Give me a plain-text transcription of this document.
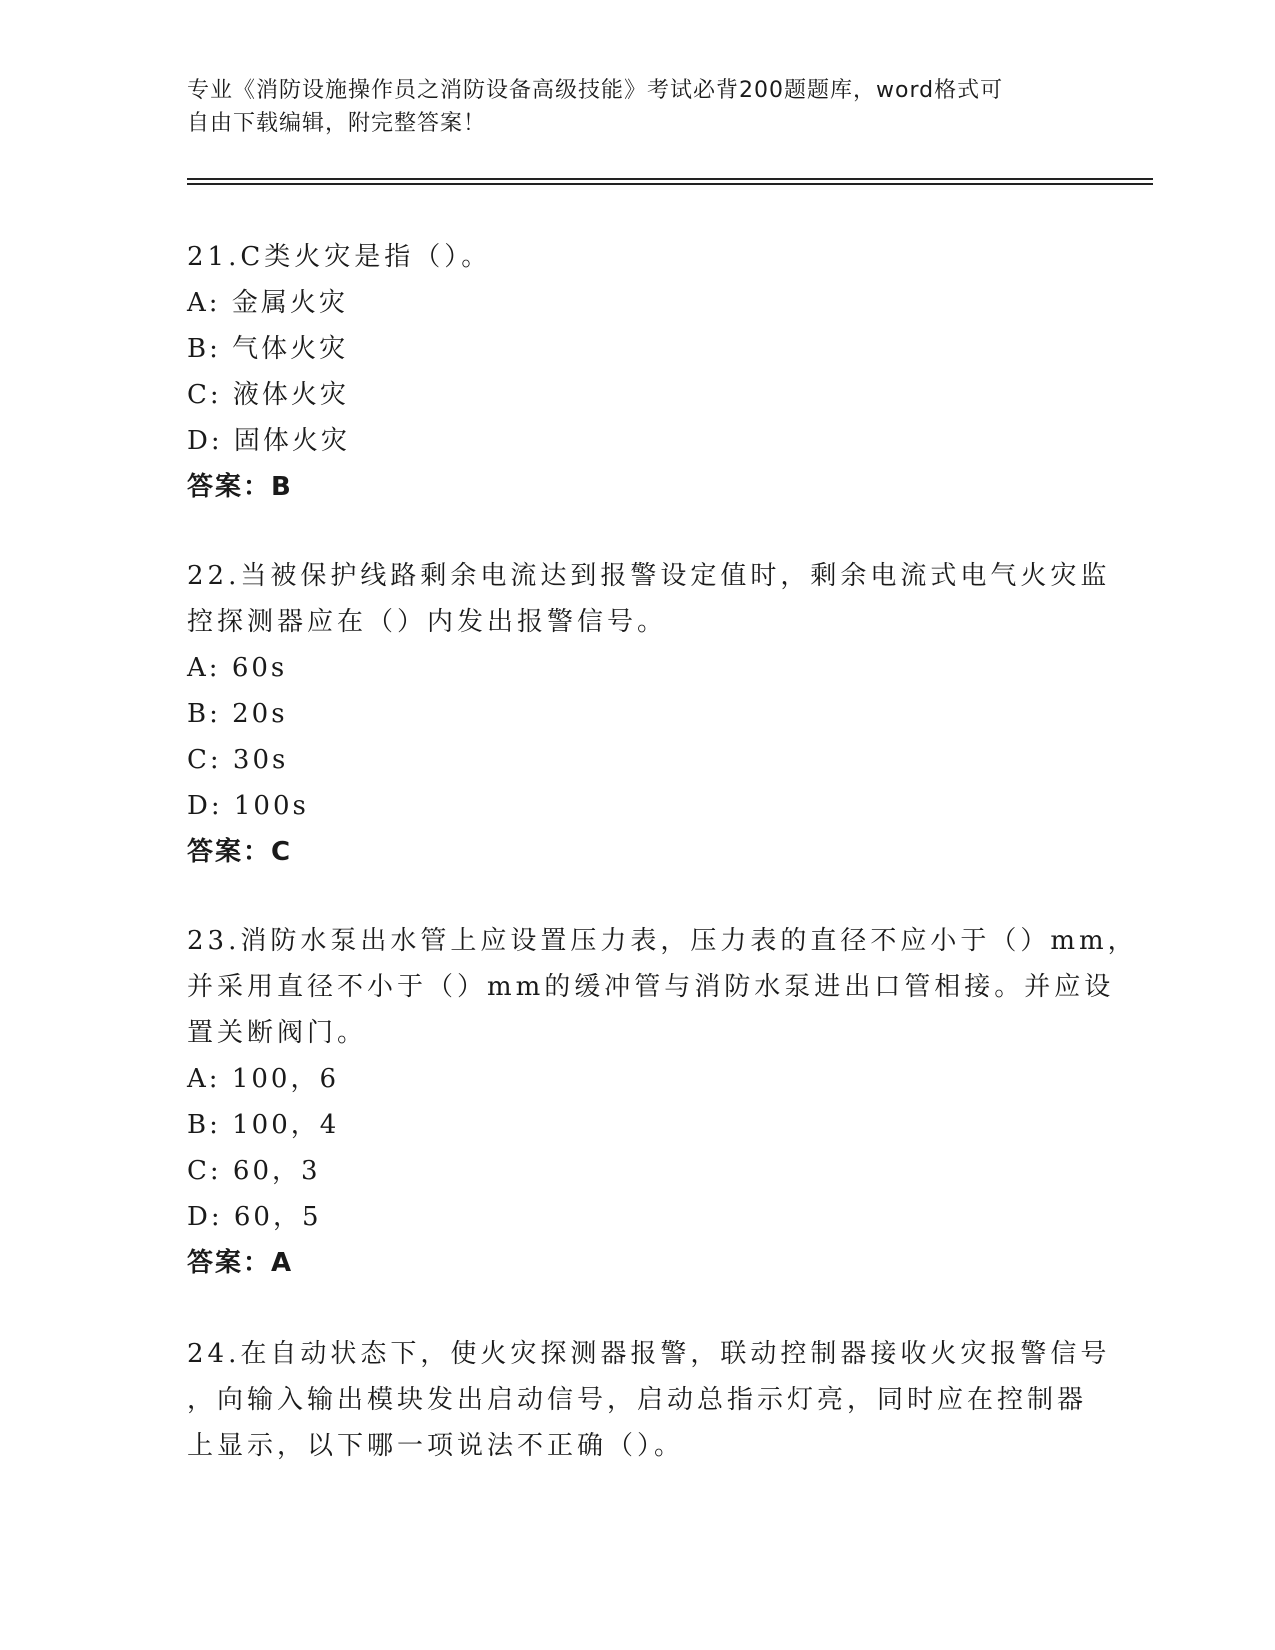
专业《消防设施操作员之消防设备高级技能》考试必背200题题库，word格式可
自由下载编辑，附完整答案！
21.C类火灾是指（）。
A: 金属火灾
B: 气体火灾
C: 液体火灾
D: 固体火灾
答案：B
22.当被保护线路剩余电流达到报警设定值时，剩余电流式电气火灾监
控探测器应在（）内发出报警信号。
A: 60s
B: 20s
C: 30s
D: 100s
答案：C
23.消防水泵出水管上应设置压力表，压力表的直径不应小于（）mm，
并采用直径不小于（）mm的缓冲管与消防水泵进出口管相接。并应设
置关断阀门。
A: 100，6
B: 100，4
C: 60，3
D: 60，5
答案：A
24.在自动状态下，使火灾探测器报警，联动控制器接收火灾报警信号
，向输入输出模块发出启动信号，启动总指示灯亮，同时应在控制器
上显示，以下哪一项说法不正确（）。
